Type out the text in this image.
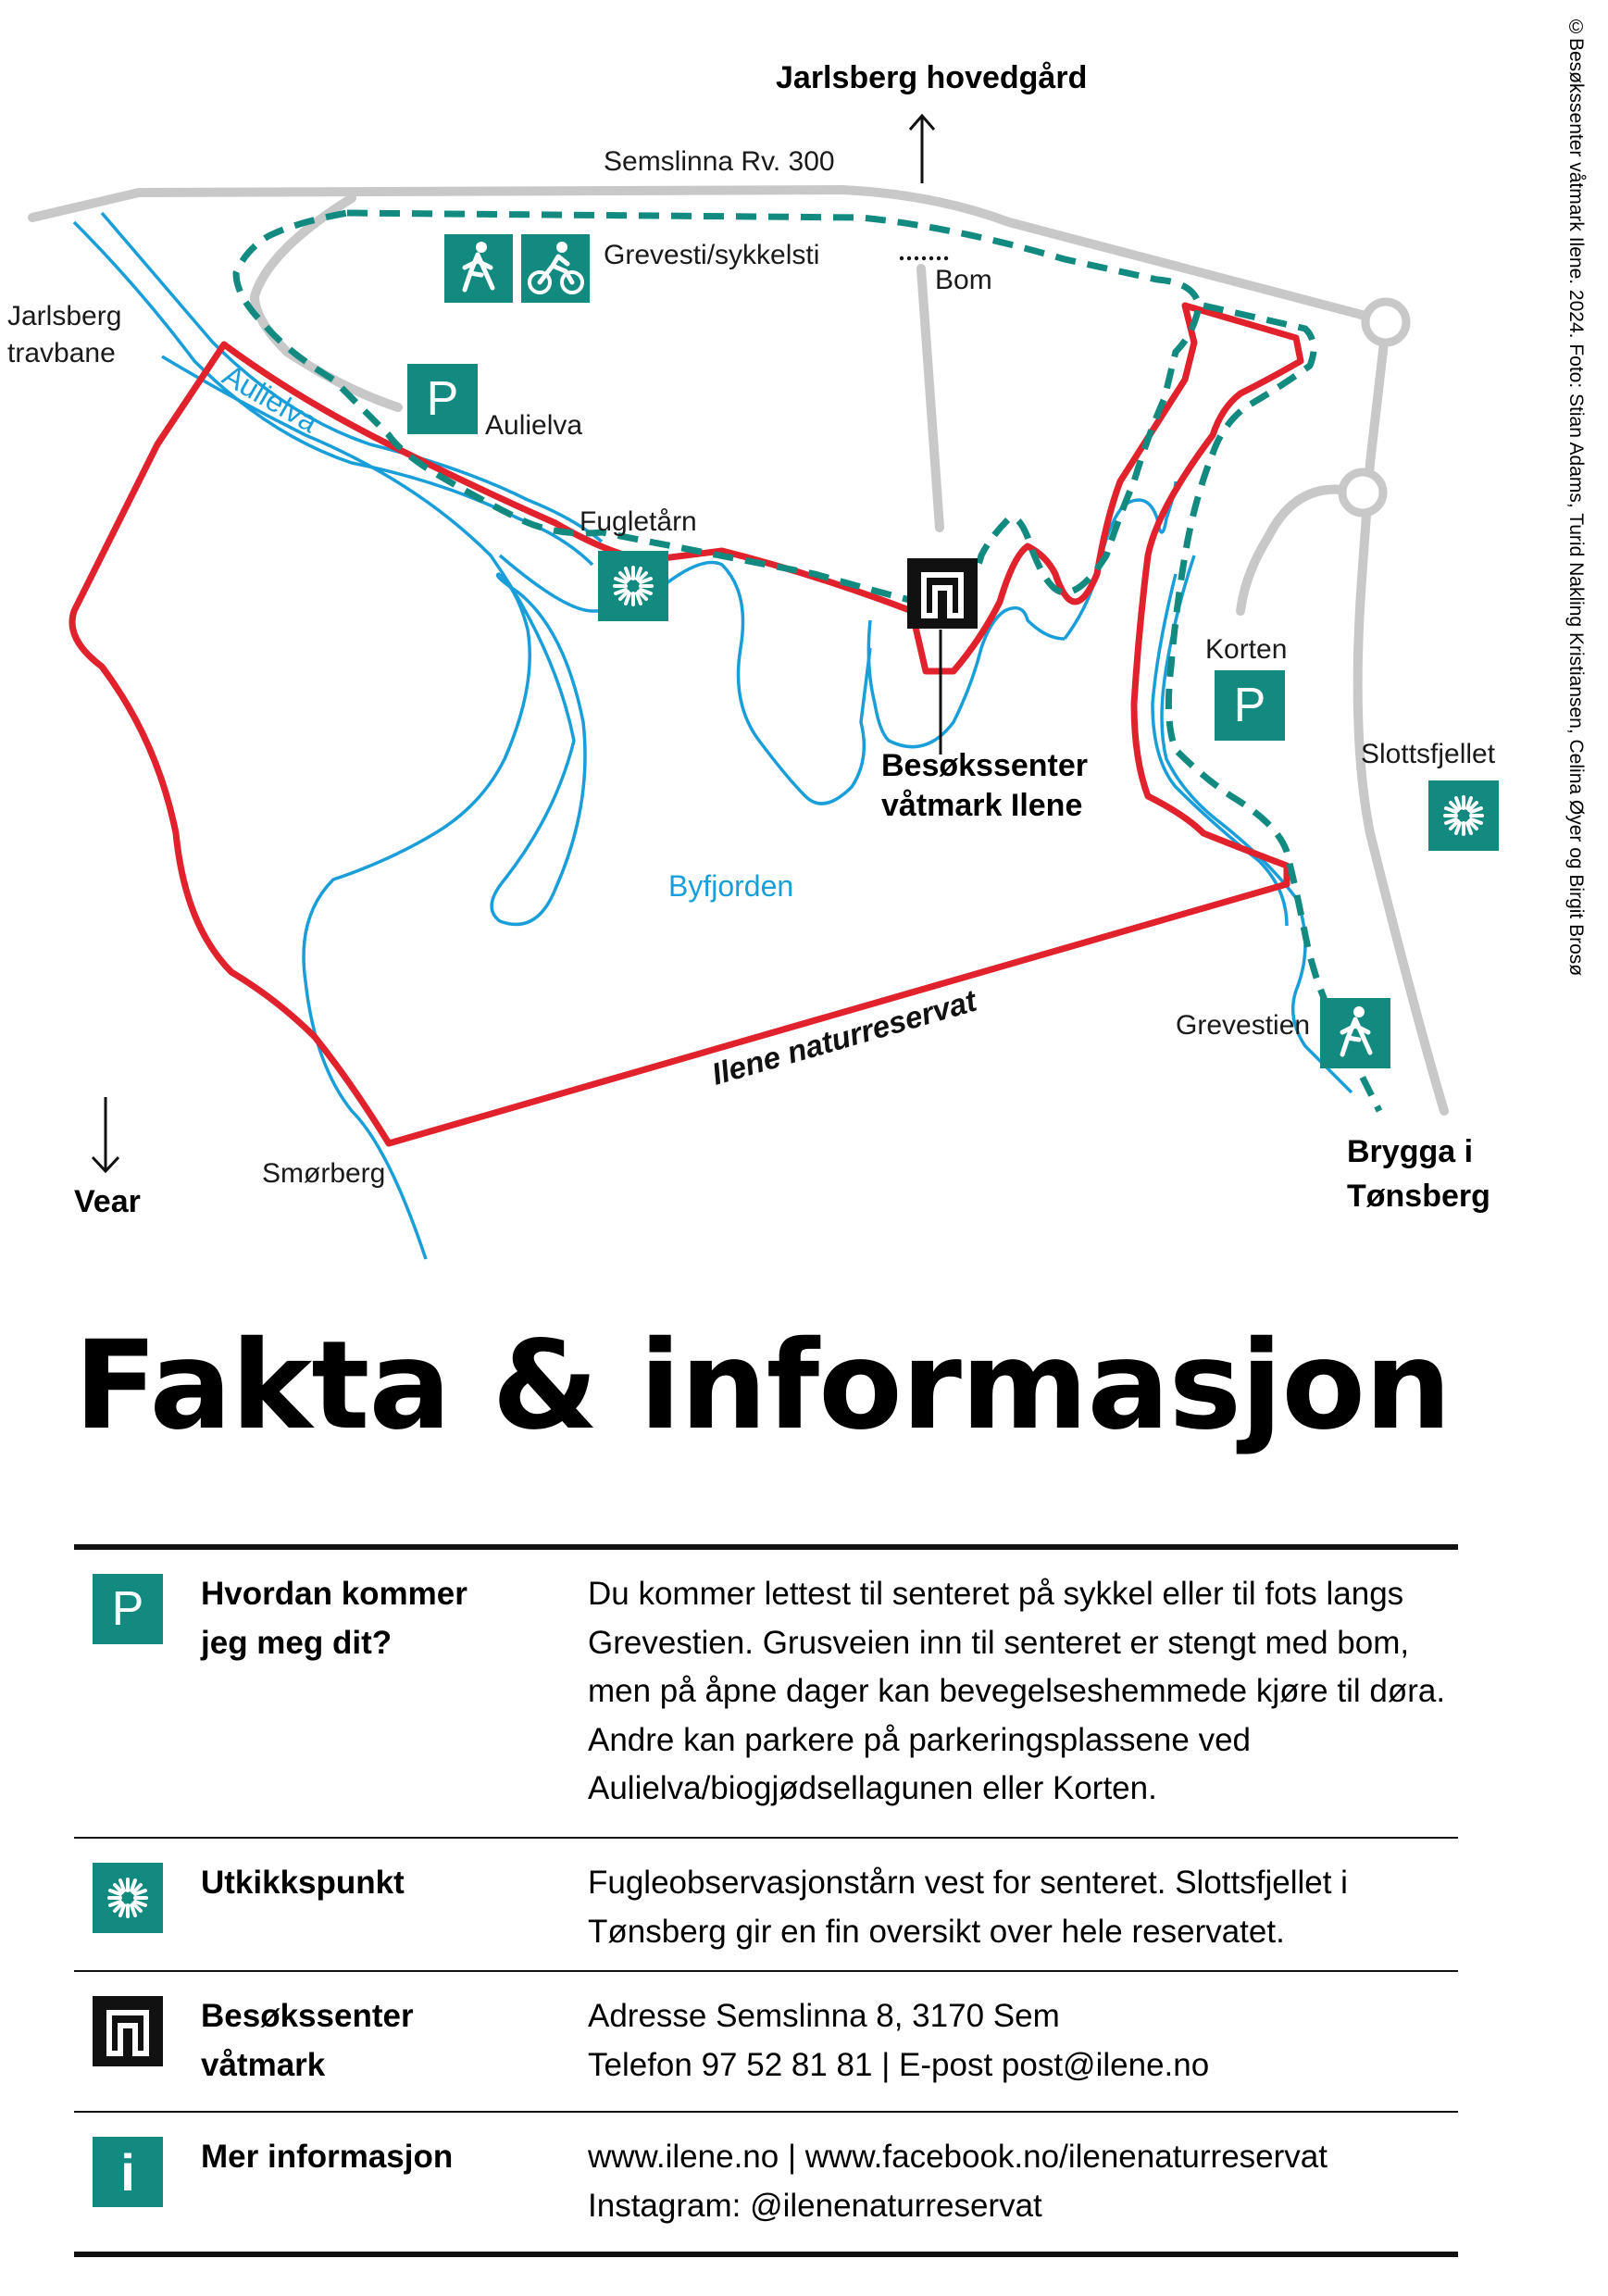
P
P
Aulielva
Ilene naturreservat
Jarlsberg hovedgård
Semslinna Rv. 300
Grevesti/sykkelsti
Bom
Jarlsberg
travbane
Aulielva
Fugletårn
Besøkssenter
våtmark Ilene
Korten
Slottsfjellet
Byfjorden
Grevestien
Smørberg
Vear
Brygga i
Tønsberg
©Besøkssenter våtmark Ilene. 2024. Foto: Stian Adams, Turid Nakling Kristiansen, Celina Øyer og Birgit Brosø
Fakta & informasjon
P Hvordan kommer jeg meg dit?
Du kommer lettest til senteret på sykkel eller til fots langs Grevestien. Grusveien inn til senteret er stengt med bom, men på åpne dager kan bevegelseshemmede kjøre til døra. Andre kan parkere på parkeringsplassene ved Aulielva/biogjødsellagunen eller Korten.
Utkikkspunkt	Fugleobservasjonstårn vest for senteret. Slottsfjellet i Tønsberg gir en fin oversikt over hele reservatet.
Besøkssenter våtmark
Adresse Semslinna 8, 3170 Sem
Telefon 97 52 81 81 | E-post post@ilene.no
i Mer informasjon	www.ilene.no | www.facebook.no/ilenenaturreservat
Instagram: @ilenenaturreservat
